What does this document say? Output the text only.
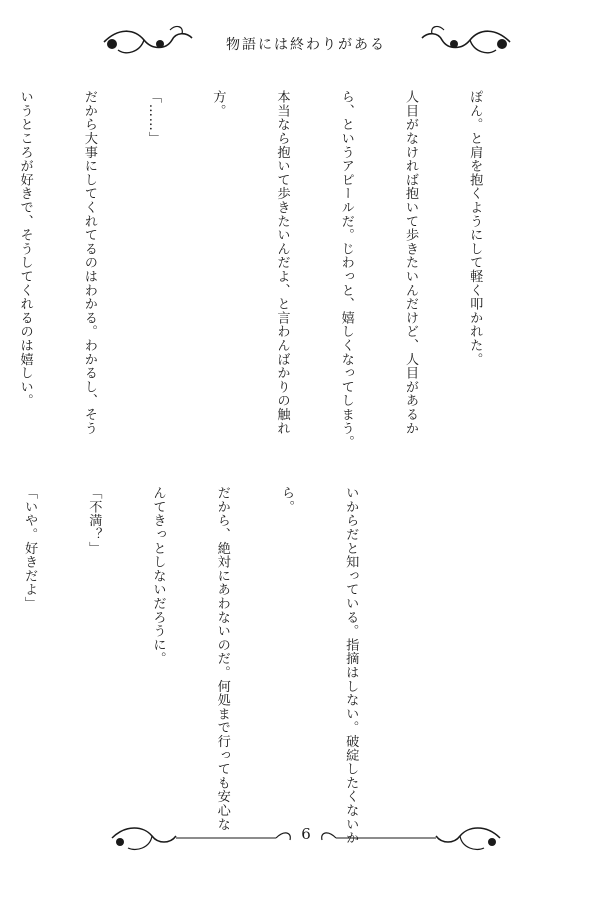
物語には終わりがある

ぽん。と肩を抱くようにして軽く叩かれた。

人目がなければ抱いて歩きたいんだけど、人目があるか

ら、というアピールだ。じわっと、嬉しくなってしまう。

本当なら抱いて歩きたいんだよ、と言わんばかりの触れ

方。

「……」

だから大事にしてくれてるのはわかる。わかるし、そう

いうところが好きで、そうしてくれるのは嬉しい。

いからだと知っている。指摘はしない。破綻したくないか

ら。

だから、絶対にあわないのだ。何処まで行っても安心な

んてきっとしないだろうに。

「不満？」

「いや。好きだよ」

6
